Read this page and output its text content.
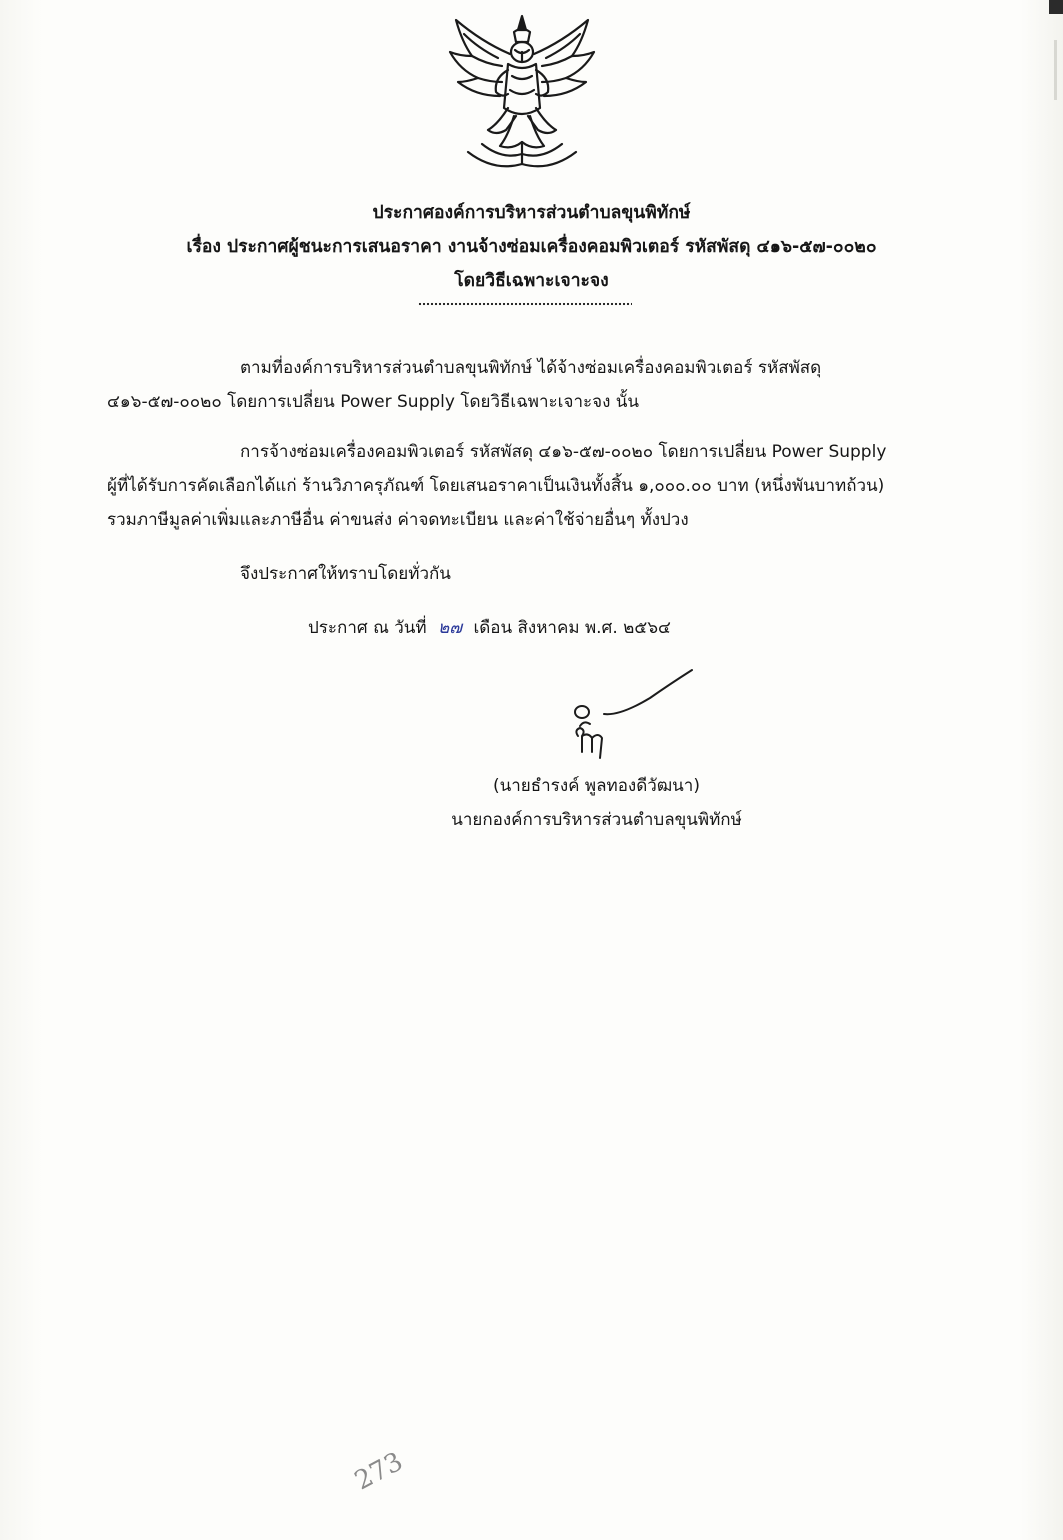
ประกาศองค์การบริหารส่วนตำบลขุนพิทักษ์
เรื่อง ประกาศผู้ชนะการเสนอราคา งานจ้างซ่อมเครื่องคอมพิวเตอร์ รหัสพัสดุ ๔๑๖-๕๗-๐๐๒๐
โดยวิธีเฉพาะเจาะจง
ตามที่องค์การบริหารส่วนตำบลขุนพิทักษ์ ได้จ้างซ่อมเครื่องคอมพิวเตอร์ รหัสพัสดุ
๔๑๖-๕๗-๐๐๒๐ โดยการเปลี่ยน Power Supply โดยวิธีเฉพาะเจาะจง นั้น
การจ้างซ่อมเครื่องคอมพิวเตอร์ รหัสพัสดุ ๔๑๖-๕๗-๐๐๒๐ โดยการเปลี่ยน Power Supply
ผู้ที่ได้รับการคัดเลือกได้แก่ ร้านวิภาครุภัณฑ์ โดยเสนอราคาเป็นเงินทั้งสิ้น ๑,๐๐๐.๐๐ บาท (หนึ่งพันบาทถ้วน)
รวมภาษีมูลค่าเพิ่มและภาษีอื่น ค่าขนส่ง ค่าจดทะเบียน และค่าใช้จ่ายอื่นๆ ทั้งปวง
จึงประกาศให้ทราบโดยทั่วกัน
ประกาศ ณ วันที่ ๒๗ เดือน สิงหาคม พ.ศ. ๒๕๖๔
(นายธำรงค์ พูลทองดีวัฒนา)
นายกองค์การบริหารส่วนตำบลขุนพิทักษ์
273
